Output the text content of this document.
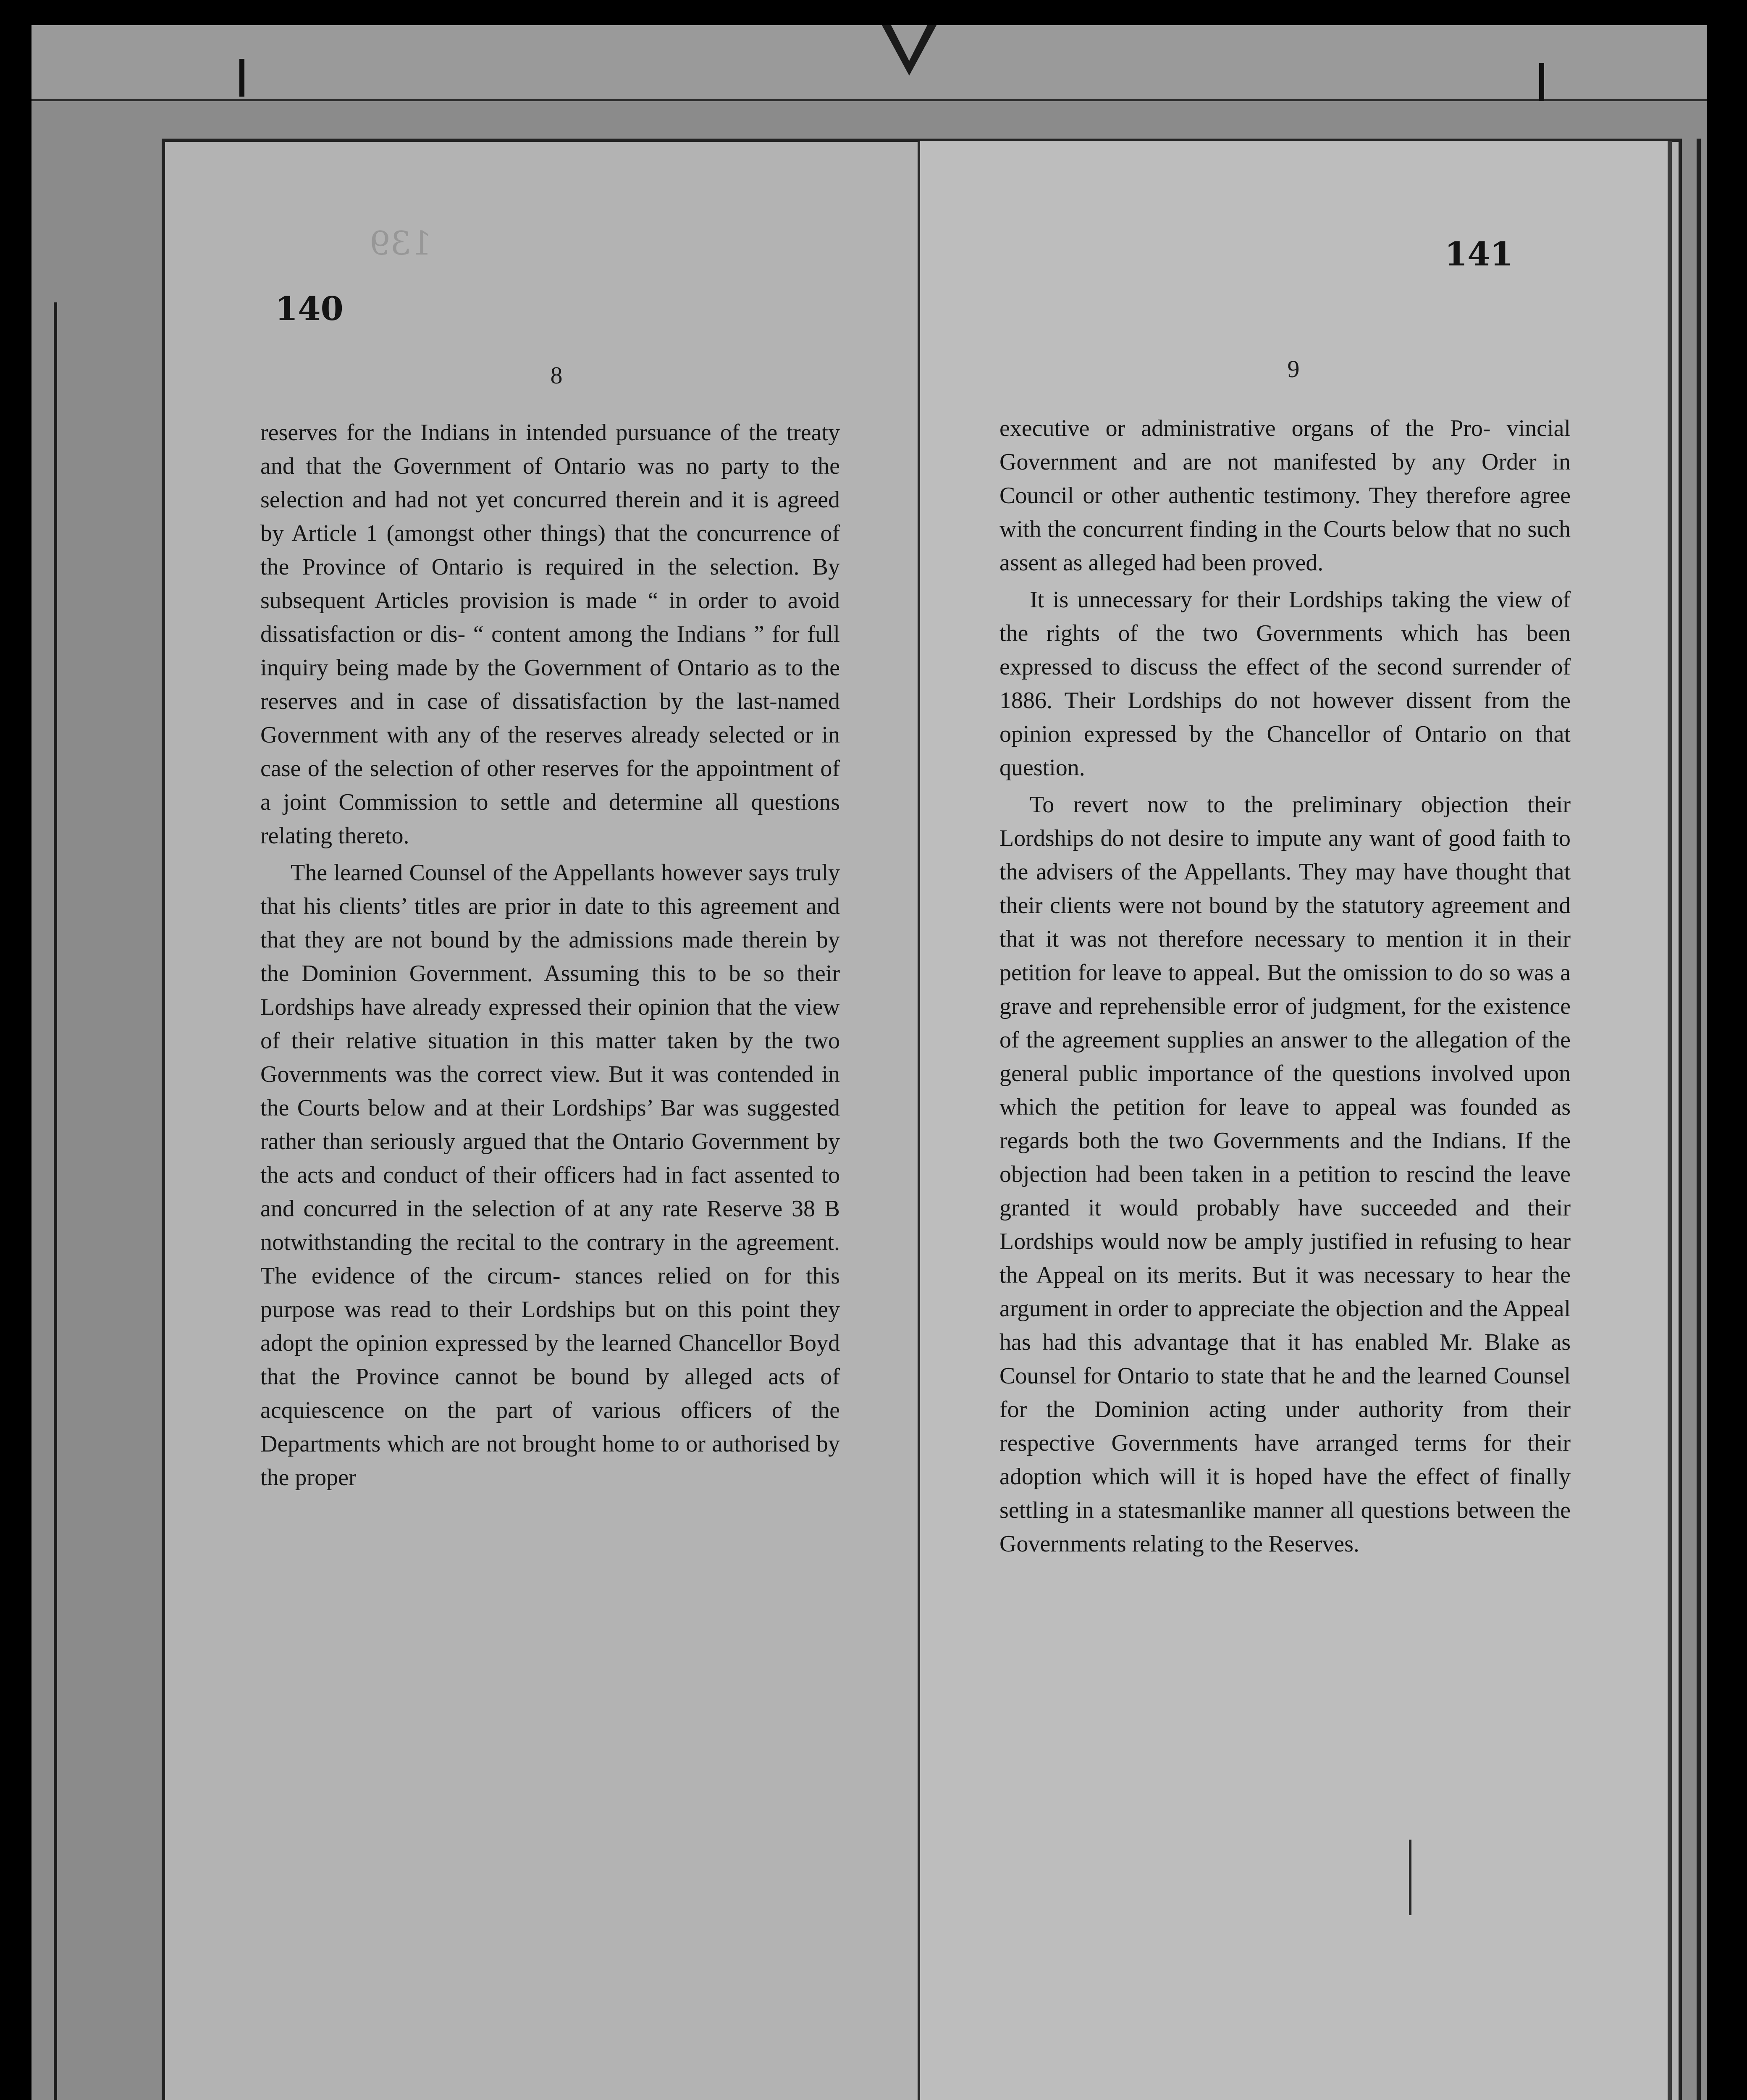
139
140
8

reserves for the Indians in intended pursuance of the treaty and that the Government of Ontario was no party to the selection and had not yet concurred therein and it is agreed by Article 1 (amongst other things) that the concurrence of the Province of Ontario is required in the selection. By subsequent Articles provision is made “ in order to avoid dissatisfaction or dis- “ content among the Indians ” for full inquiry being made by the Government of Ontario as to the reserves and in case of dissatisfaction by the last-named Government with any of the reserves already selected or in case of the selection of other reserves for the appointment of a joint Commission to settle and determine all questions relating thereto.

The learned Counsel of the Appellants however says truly that his clients’ titles are prior in date to this agreement and that they are not bound by the admissions made therein by the Dominion Government. Assuming this to be so their Lordships have already expressed their opinion that the view of their relative situation in this matter taken by the two Governments was the correct view. But it was contended in the Courts below and at their Lordships’ Bar was suggested rather than seriously argued that the Ontario Government by the acts and conduct of their officers had in fact assented to and concurred in the selection of at any rate Reserve 38 B notwithstanding the recital to the contrary in the agreement. The evidence of the circum- stances relied on for this purpose was read to their Lordships but on this point they adopt the opinion expressed by the learned Chancellor Boyd that the Province cannot be bound by alleged acts of acquiescence on the part of various officers of the Departments which are not brought home to or authorised by the proper

141
9

executive or administrative organs of the Pro- vincial Government and are not manifested by any Order in Council or other authentic testimony. They therefore agree with the concurrent finding in the Courts below that no such assent as alleged had been proved.

It is unnecessary for their Lordships taking the view of the rights of the two Governments which has been expressed to discuss the effect of the second surrender of 1886. Their Lordships do not however dissent from the opinion expressed by the Chancellor of Ontario on that question.

To revert now to the preliminary objection their Lordships do not desire to impute any want of good faith to the advisers of the Appellants. They may have thought that their clients were not bound by the statutory agreement and that it was not therefore necessary to mention it in their petition for leave to appeal. But the omission to do so was a grave and reprehensible error of judgment, for the existence of the agreement supplies an answer to the allegation of the general public importance of the questions involved upon which the petition for leave to appeal was founded as regards both the two Governments and the Indians. If the objection had been taken in a petition to rescind the leave granted it would probably have succeeded and their Lordships would now be amply justified in refusing to hear the Appeal on its merits. But it was necessary to hear the argument in order to appreciate the objection and the Appeal has had this advantage that it has enabled Mr. Blake as Counsel for Ontario to state that he and the learned Counsel for the Dominion acting under authority from their respective Governments have arranged terms for their adoption which will it is hoped have the effect of finally settling in a statesmanlike manner all questions between the Governments relating to the Reserves.
